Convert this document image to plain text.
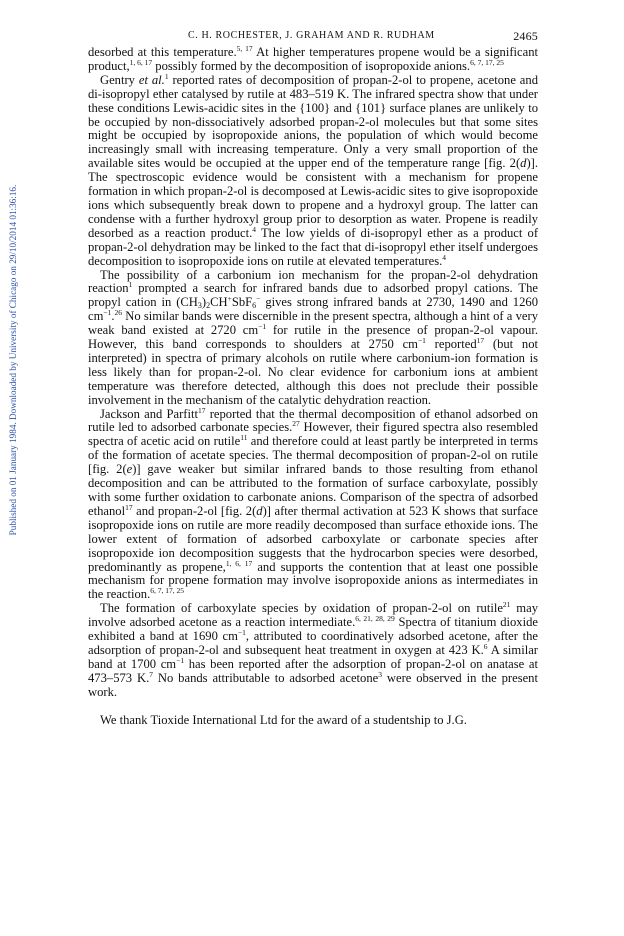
C. H. ROCHESTER, J. GRAHAM AND R. RUDHAM	2465
Published on 01 January 1984. Downloaded by University of Chicago on 29/10/2014 01:36:16.

desorbed at this temperature.$^{5, 17}$ At higher temperatures propene would be a significant product,$^{1, 6, 17}$ possibly formed by the decomposition of isopropoxide anions.$^{6, 7, 17, 25}$

Gentry et al.$^1$ reported rates of decomposition of propan-2-ol to propene, acetone and di-isopropyl ether catalysed by rutile at 483–519 K. The infrared spectra show that under these conditions Lewis-acidic sites in the {100} and {101} surface planes are unlikely to be occupied by non-dissociatively adsorbed propan-2-ol molecules but that some sites might be occupied by isopropoxide anions, the population of which would become increasingly small with increasing temperature. Only a very small proportion of the available sites would be occupied at the upper end of the temperature range [fig. 2(d)]. The spectroscopic evidence would be consistent with a mechanism for propene formation in which propan-2-ol is decomposed at Lewis-acidic sites to give isopropoxide ions which subsequently break down to propene and a hydroxyl group. The latter can condense with a further hydroxyl group prior to desorption as water. Propene is readily desorbed as a reaction product.$^4$ The low yields of di-isopropyl ether as a product of propan-2-ol dehydration may be linked to the fact that di-isopropyl ether itself undergoes decomposition to isopropoxide ions on rutile at elevated temperatures.$^4$

The possibility of a carbonium ion mechanism for the propan-2-ol dehydration reaction$^1$ prompted a search for infrared bands due to adsorbed propyl cations. The propyl cation in $(CH_3)_2CH^+SbF_6^-$ gives strong infrared bands at 2730, 1490 and 1260 $cm^{-1}.^{26}$ No similar bands were discernible in the present spectra, although a hint of a very weak band existed at 2720 $cm^{-1}$ for rutile in the presence of propan-2-ol vapour. However, this band corresponds to shoulders at 2750 $cm^{-1}$ reported$^{17}$ (but not interpreted) in spectra of primary alcohols on rutile where carbonium-ion formation is less likely than for propan-2-ol. No clear evidence for carbonium ions at ambient temperature was therefore detected, although this does not preclude their possible involvement in the mechanism of the catalytic dehydration reaction.

Jackson and Parfitt$^{17}$ reported that the thermal decomposition of ethanol adsorbed on rutile led to adsorbed carbonate species.$^{27}$ However, their figured spectra also resembled spectra of acetic acid on rutile$^{11}$ and therefore could at least partly be interpreted in terms of the formation of acetate species. The thermal decomposition of propan-2-ol on rutile [fig. 2(e)] gave weaker but similar infrared bands to those resulting from ethanol decomposition and can be attributed to the formation of surface carboxylate, possibly with some further oxidation to carbonate anions. Comparison of the spectra of adsorbed ethanol$^{17}$ and propan-2-ol [fig. 2(d)] after thermal activation at 523 K shows that surface isopropoxide ions on rutile are more readily decomposed than surface ethoxide ions. The lower extent of formation of adsorbed carboxylate or carbonate species after isopropoxide ion decomposition suggests that the hydrocarbon species were desorbed, predominantly as propene,$^{1, 6, 17}$ and supports the contention that at least one possible mechanism for propene formation may involve isopropoxide anions as intermediates in the reaction.$^{6, 7, 17, 25}$

The formation of carboxylate species by oxidation of propan-2-ol on rutile$^{21}$ may involve adsorbed acetone as a reaction intermediate.$^{6, 21, 28, 29}$ Spectra of titanium dioxide exhibited a band at 1690 $cm^{-1}$, attributed to coordinatively adsorbed acetone, after the adsorption of propan-2-ol and subsequent heat treatment in oxygen at 423 K.$^6$ A similar band at 1700 $cm^{-1}$ has been reported after the adsorption of propan-2-ol on anatase at 473–573 K.$^7$ No bands attributable to adsorbed acetone$^3$ were observed in the present work.

We thank Tioxide International Ltd for the award of a studentship to J.G.
